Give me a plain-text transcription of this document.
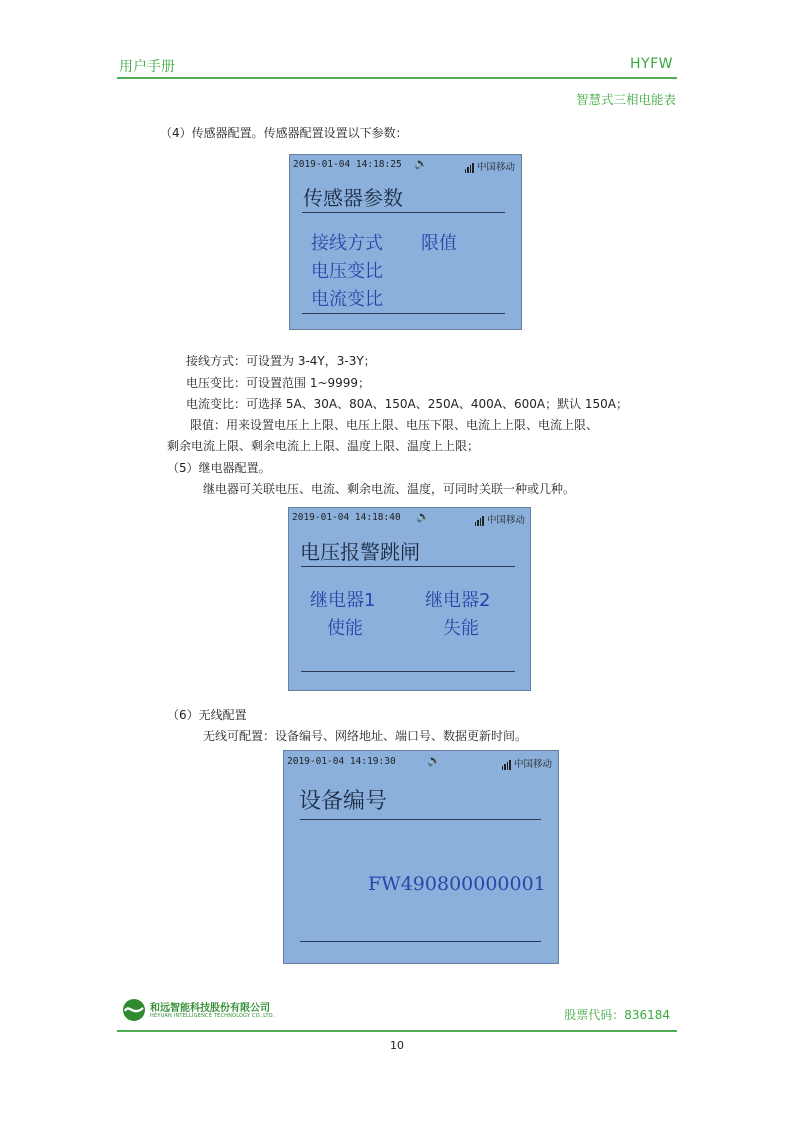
用户手册	HYFW
智慧式三相电能表
（4）传感器配置。传感器配置设置以下参数：
2019-01-04 14:18:25 🔈	中国移动
传感器参数
接线方式 限值
电压变比
电流变比
接线方式：可设置为 3-4Y，3-3Y；
电压变比：可设置范围 1~9999；
电流变比：可选择 5A、30A、80A、150A、250A、400A、600A；默认 150A；
限值：用来设置电压上上限、电压上限、电压下限、电流上上限、电流上限、
剩余电流上限、剩余电流上上限、温度上限、温度上上限；
（5）继电器配置。
继电器可关联电压、电流、剩余电流、温度，可同时关联一种或几种。
2019-01-04 14:18:40 🔈	中国移动
电压报警跳闸
继电器1	继电器2
使能	失能
（6）无线配置
无线可配置：设备编号、网络地址、端口号、数据更新时间。
2019-01-04 14:19:30	🔈	中国移动
设备编号
FW490800000001
和远智能科技股份有限公司
HEYUAN INTELLIGENCE TECHNOLOGY CO.,LTD.	股票代码：836184
10
